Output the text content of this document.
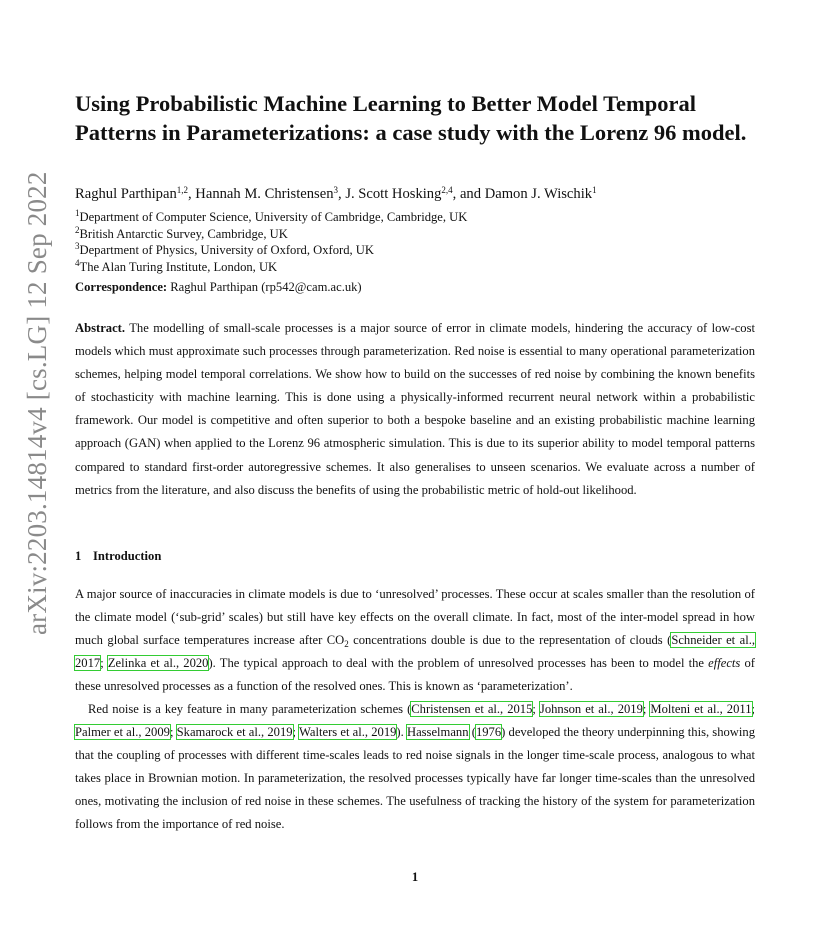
arXiv:2203.14814v4 [cs.LG] 12 Sep 2022
Using Probabilistic Machine Learning to Better Model Temporal Patterns in Parameterizations: a case study with the Lorenz 96 model.
Raghul Parthipan$^{1,2}$, Hannah M. Christensen$^3$, J. Scott Hosking$^{2,4}$, and Damon J. Wischik$^1$
$^1$Department of Computer Science, University of Cambridge, Cambridge, UK
$^2$British Antarctic Survey, Cambridge, UK
$^3$Department of Physics, University of Oxford, Oxford, UK
$^4$The Alan Turing Institute, London, UK
Correspondence: Raghul Parthipan (rp542@cam.ac.uk)

Abstract. The modelling of small-scale processes is a major source of error in climate models, hindering the accuracy of low-cost models which must approximate such processes through parameterization. Red noise is essential to many operational parameterization schemes, helping model temporal correlations. We show how to build on the successes of red noise by combining the known benefits of stochasticity with machine learning. This is done using a physically-informed recurrent neural network within a probabilistic framework. Our model is competitive and often superior to both a bespoke baseline and an existing probabilistic machine learning approach (GAN) when applied to the Lorenz 96 atmospheric simulation. This is due to its superior ability to model temporal patterns compared to standard first-order autoregressive schemes. It also generalises to unseen scenarios. We evaluate across a number of metrics from the literature, and also discuss the benefits of using the probabilistic metric of hold-out likelihood.

1 Introduction

A major source of inaccuracies in climate models is due to ‘unresolved’ processes. These occur at scales smaller than the resolution of the climate model (‘sub-grid’ scales) but still have key effects on the overall climate. In fact, most of the inter-model spread in how much global surface temperatures increase after $CO_2$ concentrations double is due to the representation of clouds (Schneider et al., 2017; Zelinka et al., 2020). The typical approach to deal with the problem of unresolved processes has been to model the effects of these unresolved processes as a function of the resolved ones. This is known as ‘parameterization’.

Red noise is a key feature in many parameterization schemes (Christensen et al., 2015; Johnson et al., 2019; Molteni et al., 2011; Palmer et al., 2009; Skamarock et al., 2019; Walters et al., 2019). Hasselmann (1976) developed the theory underpinning this, showing that the coupling of processes with different time-scales leads to red noise signals in the longer time-scale process, analogous to what takes place in Brownian motion. In parameterization, the resolved processes typically have far longer time-scales than the unresolved ones, motivating the inclusion of red noise in these schemes. The usefulness of tracking the history of the system for parameterization follows from the importance of red noise.

1
